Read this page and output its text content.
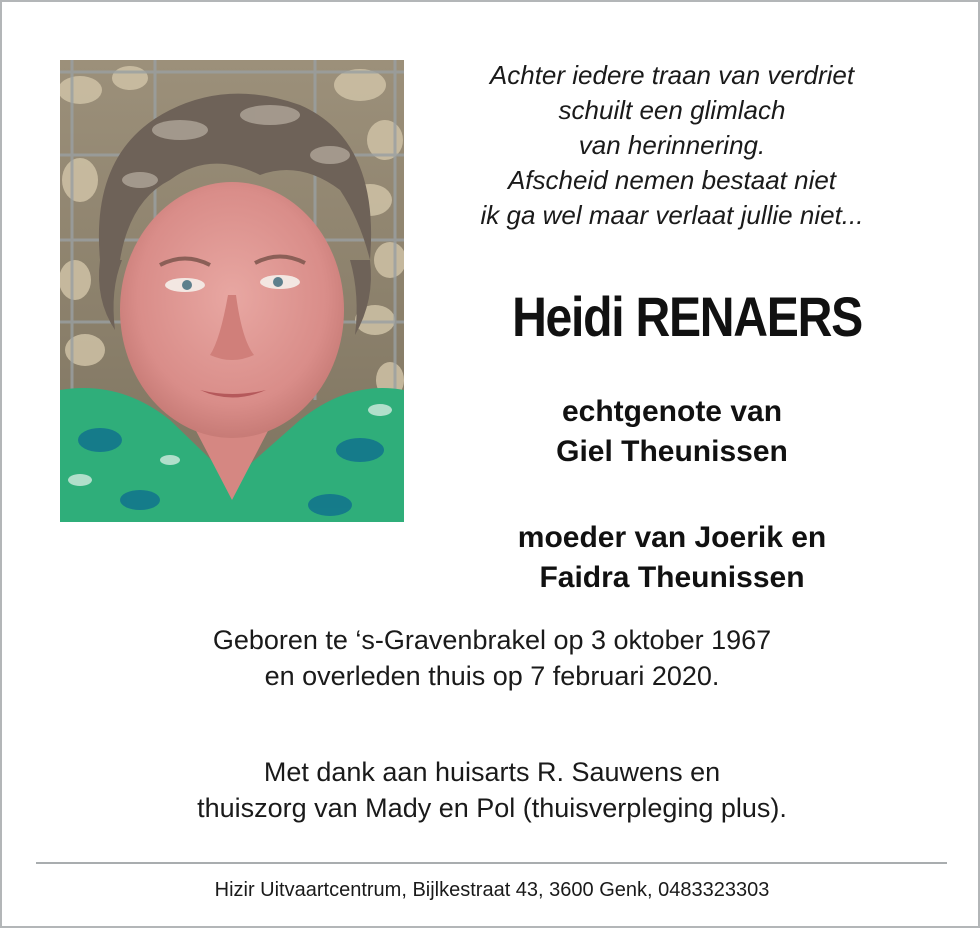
Achter iedere traan van verdriet
schuilt een glimlach
van herinnering.
Afscheid nemen bestaat niet
ik ga wel maar verlaat jullie niet...
Heidi RENAERS
echtgenote van
Giel Theunissen
moeder van Joerik en
Faidra Theunissen
Geboren te ‘s-Gravenbrakel op 3 oktober 1967
en overleden thuis op 7 februari 2020.
Met dank aan huisarts R. Sauwens en
thuiszorg van Mady en Pol (thuisverpleging plus).
Hizir Uitvaartcentrum, Bijlkestraat 43, 3600 Genk, 0483323303
